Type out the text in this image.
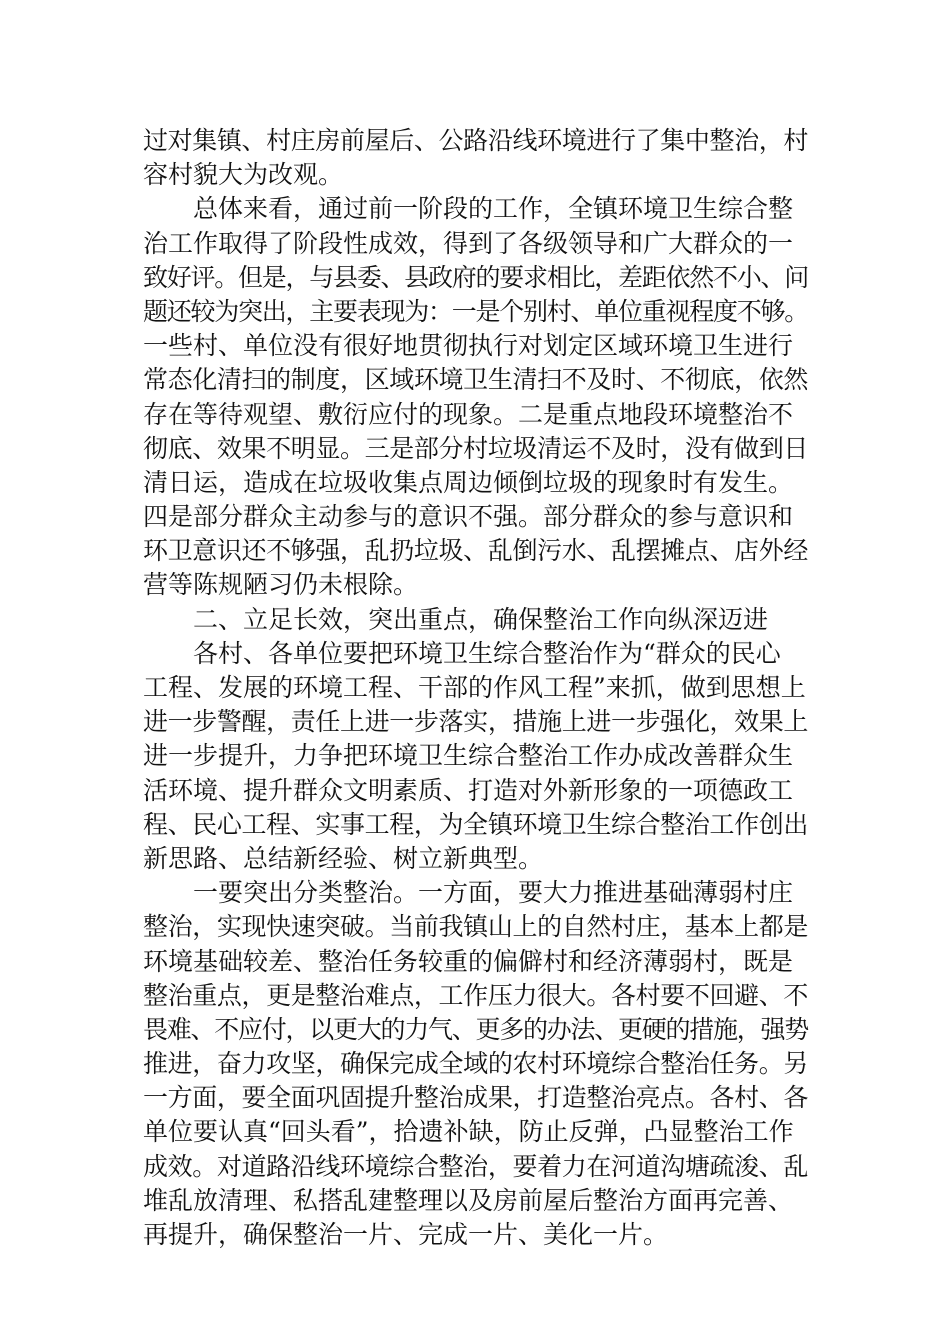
过对集镇、村庄房前屋后、公路沿线环境进行了集中整治，村
容村貌大为改观。
总体来看，通过前一阶段的工作，全镇环境卫生综合整
治工作取得了阶段性成效，得到了各级领导和广大群众的一
致好评。但是，与县委、县政府的要求相比，差距依然不小、问
题还较为突出，主要表现为：一是个别村、单位重视程度不够。
一些村、单位没有很好地贯彻执行对划定区域环境卫生进行
常态化清扫的制度，区域环境卫生清扫不及时、不彻底，依然
存在等待观望、敷衍应付的现象。二是重点地段环境整治不
彻底、效果不明显。三是部分村垃圾清运不及时，没有做到日
清日运，造成在垃圾收集点周边倾倒垃圾的现象时有发生。
四是部分群众主动参与的意识不强。部分群众的参与意识和
环卫意识还不够强，乱扔垃圾、乱倒污水、乱摆摊点、店外经
营等陈规陋习仍未根除。
二、立足长效，突出重点，确保整治工作向纵深迈进
各村、各单位要把环境卫生综合整治作为“群众的民心
工程、发展的环境工程、干部的作风工程”来抓，做到思想上
进一步警醒，责任上进一步落实，措施上进一步强化，效果上
进一步提升，力争把环境卫生综合整治工作办成改善群众生
活环境、提升群众文明素质、打造对外新形象的一项德政工
程、民心工程、实事工程，为全镇环境卫生综合整治工作创出
新思路、总结新经验、树立新典型。
一要突出分类整治。一方面，要大力推进基础薄弱村庄
整治，实现快速突破。当前我镇山上的自然村庄，基本上都是
环境基础较差、整治任务较重的偏僻村和经济薄弱村，既是
整治重点，更是整治难点，工作压力很大。各村要不回避、不
畏难、不应付，以更大的力气、更多的办法、更硬的措施，强势
推进，奋力攻坚，确保完成全域的农村环境综合整治任务。另
一方面，要全面巩固提升整治成果，打造整治亮点。各村、各
单位要认真“回头看”，拾遗补缺，防止反弹，凸显整治工作
成效。对道路沿线环境综合整治，要着力在河道沟塘疏浚、乱
堆乱放清理、私搭乱建整理以及房前屋后整治方面再完善、
再提升，确保整治一片、完成一片、美化一片。
